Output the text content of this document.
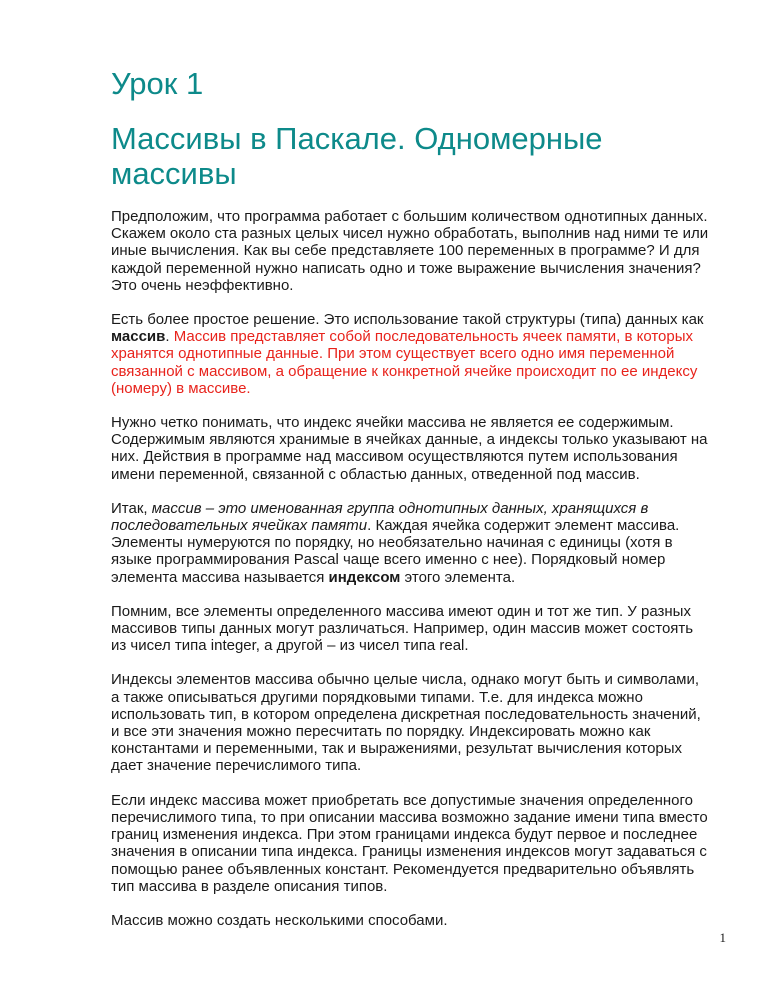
Урок 1
Массивы в Паскале. Одномерные массивы

Предположим, что программа работает с большим количеством однотипных данных. Скажем около ста разных целых чисел нужно обработать, выполнив над ними те или иные вычисления. Как вы себе представляете 100 переменных в программе? И для каждой переменной нужно написать одно и тоже выражение вычисления значения? Это очень неэффективно.

Есть более простое решение. Это использование такой структуры (типа) данных как массив. Массив представляет собой последовательность ячеек памяти, в которых хранятся однотипные данные. При этом существует всего одно имя переменной связанной с массивом, а обращение к конкретной ячейке происходит по ее индексу (номеру) в массиве.

Нужно четко понимать, что индекс ячейки массива не является ее содержимым. Содержимым являются хранимые в ячейках данные, а индексы только указывают на них. Действия в программе над массивом осуществляются путем использования имени переменной, связанной с областью данных, отведенной под массив.

Итак, массив – это именованная группа однотипных данных, хранящихся в последовательных ячейках памяти. Каждая ячейка содержит элемент массива. Элементы нумеруются по порядку, но необязательно начиная с единицы (хотя в языке программирования Pascal чаще всего именно с нее). Порядковый номер элемента массива называется индексом этого элемента.

Помним, все элементы определенного массива имеют один и тот же тип. У разных массивов типы данных могут различаться. Например, один массив может состоять из чисел типа integer, а другой – из чисел типа real.

Индексы элементов массива обычно целые числа, однако могут быть и символами, а также описываться другими порядковыми типами. Т.е. для индекса можно использовать тип, в котором определена дискретная последовательность значений, и все эти значения можно пересчитать по порядку. Индексировать можно как константами и переменными, так и выражениями, результат вычисления которых дает значение перечислимого типа.

Если индекс массива может приобретать все допустимые значения определенного перечислимого типа, то при описании массива возможно задание имени типа вместо границ изменения индекса. При этом границами индекса будут первое и последнее значения в описании типа индекса. Границы изменения индексов могут задаваться с помощью ранее объявленных констант. Рекомендуется предварительно объявлять тип массива в разделе описания типов.

Массив можно создать несколькими способами.

1
